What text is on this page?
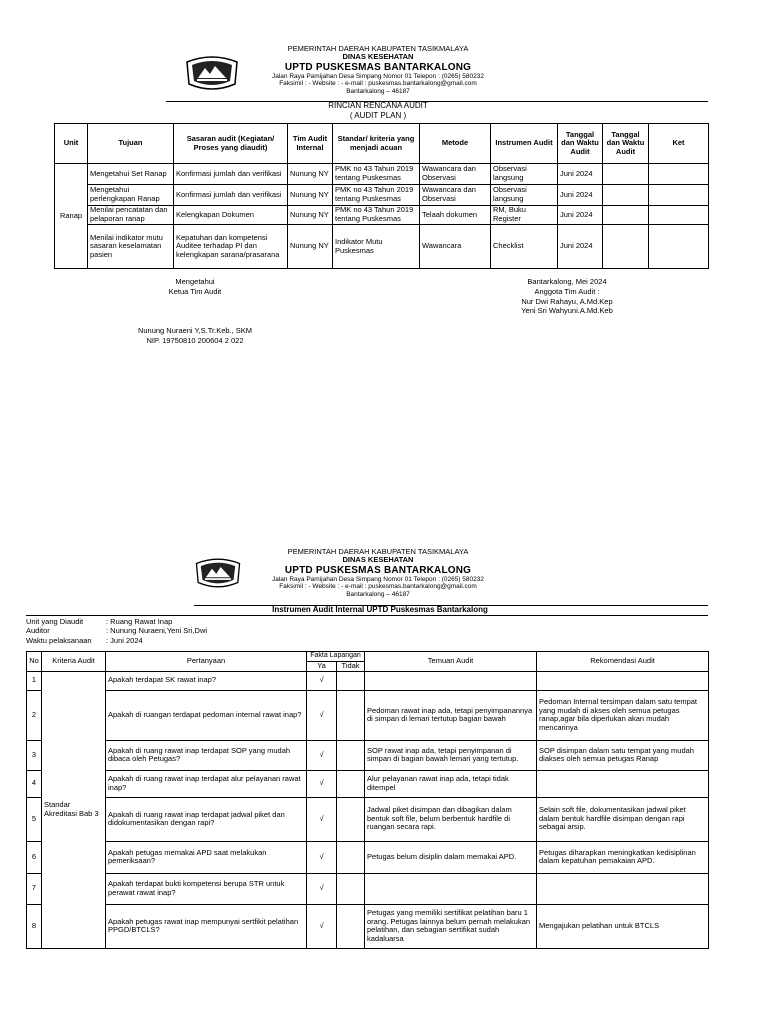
PEMERINTAH DAERAH KABUPATEN TASIKMALAYA
DINAS KESEHATAN
UPTD PUSKESMAS BANTARKALONG
Jalan Raya Pamijahan Desa Simpang Nomor 01 Telepon : (0265) 580232
Faksimil : - Website : - e-mail : puskesmas.bantarkalong@gmail.com
Bantarkalong – 46187
RINCIAN RENCANA AUDIT
( AUDIT PLAN )
Unit	Tujuan	Sasaran audit (Kegiatan/ Proses yang diaudit)	Tim Audit Internal	Standar/ kriteria yang menjadi acuan	Metode	Instrumen Audit	Tanggal dan Waktu Audit	Tanggal dan Waktu Audit	Ket
Ranap	Mengetahui Set Ranap	Konfirmasi jumlah dan verifikasi	Nunung NY	PMK no 43 Tahun 2019 tentang Puskesmas	Wawancara dan Observasi	Observasi langsung	Juni 2024		
	Mengetahui perlengkapan Ranap	Konfirmasi jumlah dan verifikasi	Nunung NY	PMK no 43 Tahun 2019 tentang Puskesmas	Wawancara dan Observasi	Observasi langsung	Juni 2024		
	Menilai pencatatan dan pelaporan ranap	Kelengkapan Dokumen	Nunung NY	PMK no 43 Tahun 2019 tentang Puskesmas	Telaah dokumen	RM, Buku Register	Juni 2024		
	Menilai indikator mutu sasaran keselamatan pasien	Kepatuhan dan kompetensi Auditee terhadap PI dan kelengkapan sarana/prasarana	Nunung NY	Indikator Mutu Puskesmas	Wawancara	Checklist	Juni 2024		
Mengetahui
Ketua Tim Audit
Nunung Nuraeni Y,S.Tr.Keb., SKM
NIP. 19750810 200604 2 022
Bantarkalong, Mei 2024
Anggota Tim Audit :
Nur Dwi Rahayu, A.Md.Kep
Yeni Sri Wahyuni.A.Md.Keb
PEMERINTAH DAERAH KABUPATEN TASIKMALAYA
DINAS KESEHATAN
UPTD PUSKESMAS BANTARKALONG
Jalan Raya Pamijahan Desa Simpang Nomor 01 Telepon : (0265) 580232
Faksimil : - Website : - e-mail : puskesmas.bantarkalong@gmail.com
Bantarkalong – 46187
Instrumen Audit Internal UPTD Puskesmas Bantarkalong
Unit yang Diaudit	: Ruang Rawat Inap
Auditor	: Nunung Nuraeni,Yeni Sri,Dwi
Waktu pelaksanaan : Juni 2024
No	Kriteria Audit	Pertanyaan	Fakta Lapangan		Temuan Audit	Rekomendasi Audit
			Ya	Tidak		
1	Standar Akreditasi Bab 3	Apakah terdapat SK rawat inap?	√			
2		Apakah di ruangan terdapat pedoman internal rawat inap?	√		Pedoman rawat inap ada, tetapi penyimpanannya di simpan di lemari tertutup bagian bawah	Pedoman Internal tersimpan dalam satu tempat yang mudah di akses oleh semua petugas ranap,agar bila diperlukan akan mudah mencarinya
3		Apakah di ruang rawat inap terdapat SOP yang mudah dibaca oleh Petugas?	√		SOP rawat inap ada, tetapi penyimpanan di simpan di bagian bawah lemari yang tertutup.	SOP disimpan dalam satu tempat yang mudah diakses oleh semua petugas Ranap
4		Apakah di ruang rawat inap terdapat alur pelayanan rawat inap?	√		Alur pelayanan rawat inap ada, tetapi tidak ditempel	
5		Apakah di ruang rawat inap terdapat jadwal piket dan didokumentasikan dengan rapi?	√		Jadwal piket disimpan dan dibagikan dalam bentuk soft file, belum berbentuk hardfile di ruangan secara rapi.	Selain soft file, dokumentasikan jadwal piket dalam bentuk hardfile disimpan dengan rapi sebagai arsip.
6		Apakah petugas memakai APD saat melakukan pemeriksaan?	√		Petugas belum disiplin dalam memakai APD.	Petugas diharapkan meningkatkan kedisiplinan dalam kepatuhan pemakaian APD.
7		Apakah terdapat bukti kompetensi berupa STR untuk perawat rawat inap?	√			
8		Apakah petugas rawat inap mempunyai sertfikit pelatihan PPGD/BTCLS?	√		Petugas yang memiliki sertifikat pelatihan baru 1 orang. Petugas lainnya belum pernah melakukan pelatihan, dan sebagian sertifikat sudah kadaluarsa	Mengajukan pelatihan untuk BTCLS
